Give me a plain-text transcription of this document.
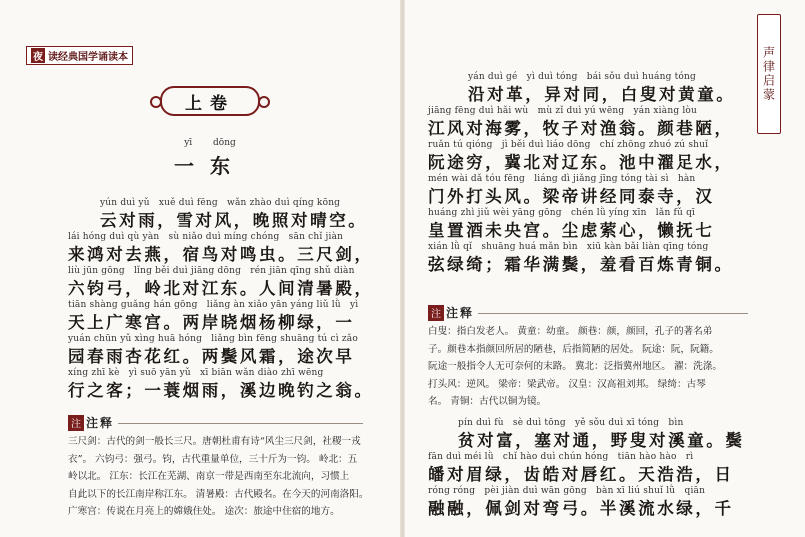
夜 读经典国学诵读本	声律启蒙
上卷
yī dōng
一东
yún duì yǔ   xuě duì fēng   wǎn zhào duì qíng kōng
云对雨，雪对风，晚照对晴空。
lái hóng duì qù yàn   sù niǎo duì míng chóng   sān chǐ jiàn
来鸿对去燕，宿鸟对鸣虫。三尺剑，
liù jūn gōng   lǐng běi duì jiāng dōng   rén jiān qīng shǔ diàn
六钧弓，岭北对江东。人间清暑殿，
tiān shàng guǎng hán gōng   liǎng àn xiǎo yān yáng liǔ lǜ   yì
天上广寒宫。两岸晓烟杨柳绿，一
yuán chūn yǔ xìng huā hóng   liǎng bìn fēng shuāng tú cì zǎo
园春雨杏花红。两鬓风霜，途次早
xíng zhī kè   yì suō yān yǔ   xī biān wǎn diào zhī wēng
行之客；一蓑烟雨，溪边晚钓之翁。
注 注释

三尺剑：古代的剑一般长三尺。唐朝杜甫有诗“风尘三尺剑，社稷一戎

衣”。 六钧弓：强弓。钧，古代重量单位，三十斤为一钧。 岭北：五

岭以北。 江东：长江在芜湖、南京一带是西南至东北流向，习惯上

自此以下的长江南岸称江东。 清暑殿：古代殿名。在今天的河南洛阳。

广寒宫：传说在月亮上的嫦娥住处。 途次：旅途中住宿的地方。

yán duì gé   yì duì tóng   bái sǒu duì huáng tóng
沿对革，异对同，白叟对黄童。
jiāng fēng duì hǎi wù   mù zǐ duì yú wēng   yán xiàng lòu
江风对海雾，牧子对渔翁。颜巷陋，
ruǎn tú qióng   jì běi duì liáo dōng   chí zhōng zhuó zú shuǐ
阮途穷，冀北对辽东。池中濯足水，
mén wài dǎ tóu fēng   liáng dì jiǎng jīng tóng tài sì   hàn
门外打头风。梁帝讲经同泰寺，汉
huáng zhì jiǔ wèi yāng gōng   chén lǜ yíng xīn   lǎn fǔ qī
皇置酒未央宫。尘虑萦心，懒抚七
xián lǜ qǐ   shuāng huá mǎn bìn   xiū kàn bǎi liàn qīng tóng
弦绿绮；霜华满鬓，羞看百炼青铜。
注 注释

白叟：指白发老人。 黄童：幼童。 颜巷：颜，颜回，孔子的著名弟

子。颜巷本指颜回所居的陋巷，后指简陋的居处。 阮途：阮，阮籍。

阮途一般指令人无可奈何的末路。 冀北：泛指冀州地区。 濯：洗涤。

打头风：逆风。 梁帝：梁武帝。 汉皇：汉高祖刘邦。 绿绮：古琴

名。 青铜：古代以铜为镜。

pín duì fù   sè duì tōng   yě sǒu duì xī tóng   bìn
贫对富，塞对通，野叟对溪童。鬓
fān duì méi lǜ   chǐ hào duì chún hóng   tiān hào hào   rì
皤对眉绿，齿皓对唇红。天浩浩，日
róng róng   pèi jiàn duì wān gōng   bàn xī liú shuǐ lǜ   qiān
融融，佩剑对弯弓。半溪流水绿，千
